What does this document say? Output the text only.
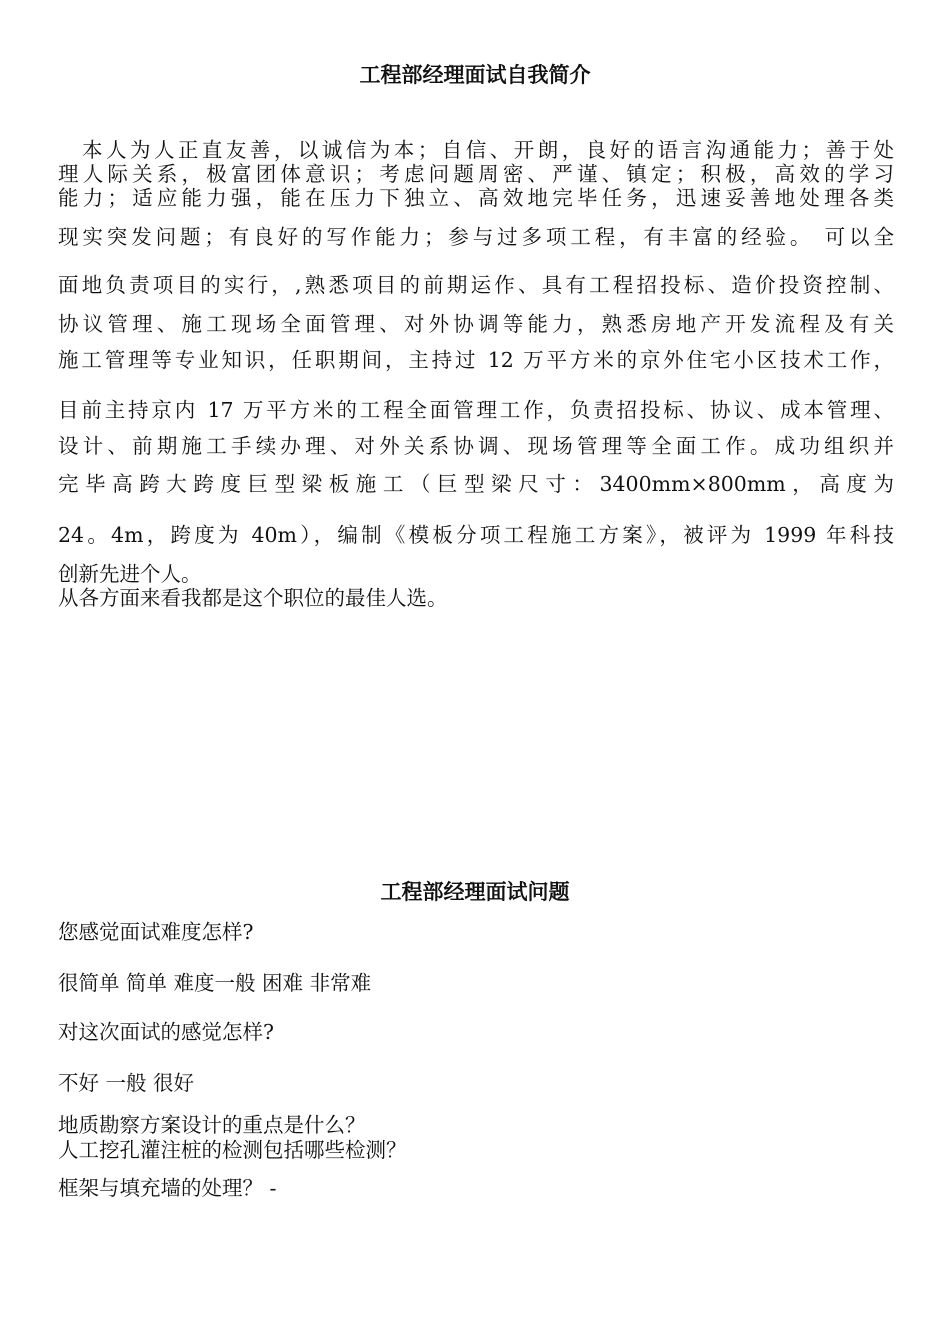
工程部经理面试自我简介
　本人为人正直友善，以诚信为本；自信、开朗，良好的语言沟通能力；善于处
理人际关系，极富团体意识；考虑问题周密、严谨、镇定；积极，高效的学习
能力；适应能力强，能在压力下独立、高效地完毕任务，迅速妥善地处理各类
现实突发问题；有良好的写作能力；参与过多项工程，有丰富的经验。 可以全
面地负责项目的实行，,熟悉项目的前期运作、具有工程招投标、造价投资控制、
协议管理、施工现场全面管理、对外协调等能力，熟悉房地产开发流程及有关
施工管理等专业知识，任职期间，主持过 12 万平方米的京外住宅小区技术工作，
目前主持京内 17 万平方米的工程全面管理工作，负责招投标、协议、成本管理、
设计、前期施工手续办理、对外关系协调、现场管理等全面工作。成功组织并
完毕高跨大跨度巨型梁板施工（巨型梁尺寸：3400mm×800mm，高度为
24。4m，跨度为 40m），编制《模板分项工程施工方案》，被评为 1999 年科技
创新先进个人。
从各方面来看我都是这个职位的最佳人选。
工程部经理面试问题

您感觉面试难度怎样?

很简单 简单 难度一般 困难 非常难

对这次面试的感觉怎样?

不好 一般 很好

地质勘察方案设计的重点是什么？

人工挖孔灌注桩的检测包括哪些检测？

框架与填充墙的处理？ -
